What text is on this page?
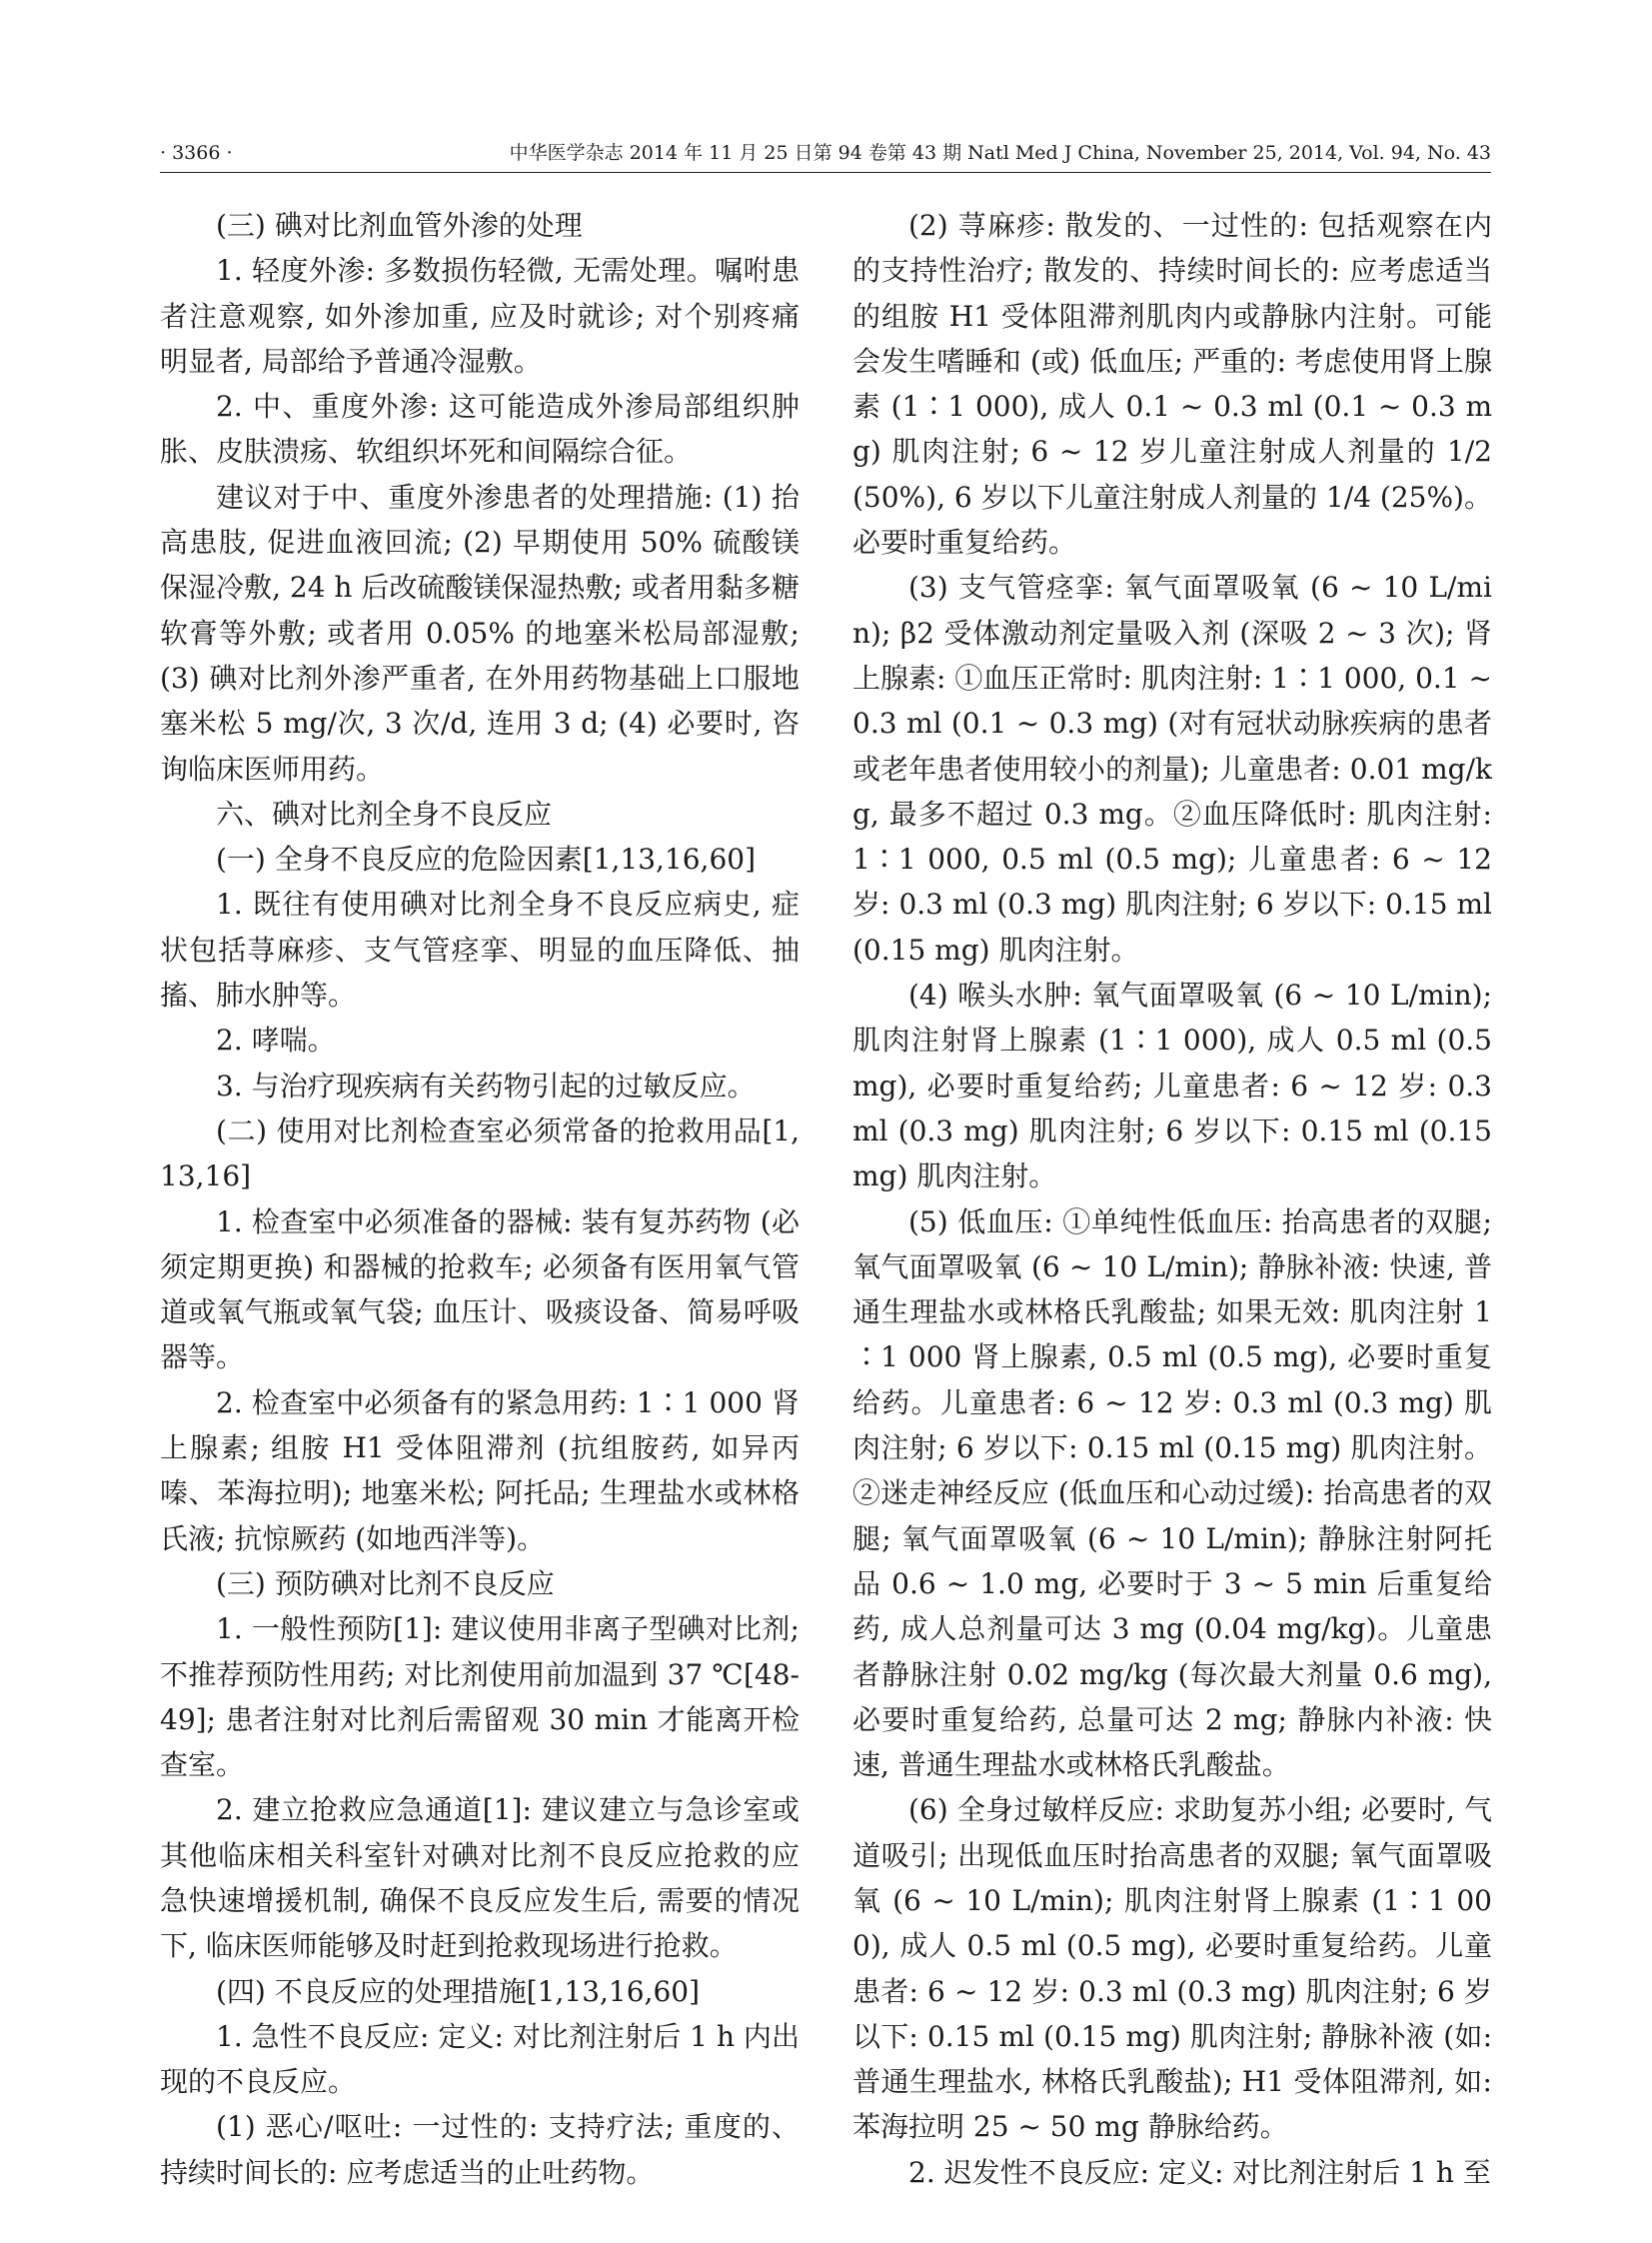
· 3366 ·	中华医学杂志 2014 年 11 月 25 日第 94 卷第 43 期 Natl Med J China, November 25, 2014, Vol. 94, No. 43

(三) 碘对比剂血管外渗的处理

1. 轻度外渗: 多数损伤轻微, 无需处理。嘱咐患者注意观察, 如外渗加重, 应及时就诊; 对个别疼痛明显者, 局部给予普通冷湿敷。

2. 中、重度外渗: 这可能造成外渗局部组织肿胀、皮肤溃疡、软组织坏死和间隔综合征。

建议对于中、重度外渗患者的处理措施: (1) 抬高患肢, 促进血液回流; (2) 早期使用 50% 硫酸镁保湿冷敷, 24 h 后改硫酸镁保湿热敷; 或者用黏多糖软膏等外敷; 或者用 0.05% 的地塞米松局部湿敷; (3) 碘对比剂外渗严重者, 在外用药物基础上口服地塞米松 5 mg/次, 3 次/d, 连用 3 d; (4) 必要时, 咨询临床医师用药。

六、碘对比剂全身不良反应

(一) 全身不良反应的危险因素[1,13,16,60]

1. 既往有使用碘对比剂全身不良反应病史, 症状包括荨麻疹、支气管痉挛、明显的血压降低、抽搐、肺水肿等。

2. 哮喘。

3. 与治疗现疾病有关药物引起的过敏反应。

(二) 使用对比剂检查室必须常备的抢救用品[1,13,16]

1. 检查室中必须准备的器械: 装有复苏药物 (必须定期更换) 和器械的抢救车; 必须备有医用氧气管道或氧气瓶或氧气袋; 血压计、吸痰设备、简易呼吸器等。

2. 检查室中必须备有的紧急用药: 1∶1 000 肾上腺素; 组胺 H1 受体阻滞剂 (抗组胺药, 如异丙嗪、苯海拉明); 地塞米松; 阿托品; 生理盐水或林格氏液; 抗惊厥药 (如地西泮等)。

(三) 预防碘对比剂不良反应

1. 一般性预防[1]: 建议使用非离子型碘对比剂; 不推荐预防性用药; 对比剂使用前加温到 37 ℃[48-49]; 患者注射对比剂后需留观 30 min 才能离开检查室。

2. 建立抢救应急通道[1]: 建议建立与急诊室或其他临床相关科室针对碘对比剂不良反应抢救的应急快速增援机制, 确保不良反应发生后, 需要的情况下, 临床医师能够及时赶到抢救现场进行抢救。

(四) 不良反应的处理措施[1,13,16,60]

1. 急性不良反应: 定义: 对比剂注射后 1 h 内出现的不良反应。

(1) 恶心/呕吐: 一过性的: 支持疗法; 重度的、持续时间长的: 应考虑适当的止吐药物。

(2) 荨麻疹: 散发的、一过性的: 包括观察在内的支持性治疗; 散发的、持续时间长的: 应考虑适当的组胺 H1 受体阻滞剂肌肉内或静脉内注射。可能会发生嗜睡和 (或) 低血压; 严重的: 考虑使用肾上腺素 (1∶1 000), 成人 0.1 ~ 0.3 ml (0.1 ~ 0.3 mg) 肌肉注射; 6 ~ 12 岁儿童注射成人剂量的 1/2 (50%), 6 岁以下儿童注射成人剂量的 1/4 (25%)。必要时重复给药。

(3) 支气管痉挛: 氧气面罩吸氧 (6 ~ 10 L/min); β2 受体激动剂定量吸入剂 (深吸 2 ~ 3 次); 肾上腺素: ①血压正常时: 肌肉注射: 1∶1 000, 0.1 ~ 0.3 ml (0.1 ~ 0.3 mg) (对有冠状动脉疾病的患者或老年患者使用较小的剂量); 儿童患者: 0.01 mg/kg, 最多不超过 0.3 mg。②血压降低时: 肌肉注射: 1∶1 000, 0.5 ml (0.5 mg); 儿童患者: 6 ~ 12 岁: 0.3 ml (0.3 mg) 肌肉注射; 6 岁以下: 0.15 ml (0.15 mg) 肌肉注射。

(4) 喉头水肿: 氧气面罩吸氧 (6 ~ 10 L/min); 肌肉注射肾上腺素 (1∶1 000), 成人 0.5 ml (0.5 mg), 必要时重复给药; 儿童患者: 6 ~ 12 岁: 0.3 ml (0.3 mg) 肌肉注射; 6 岁以下: 0.15 ml (0.15 mg) 肌肉注射。

(5) 低血压: ①单纯性低血压: 抬高患者的双腿; 氧气面罩吸氧 (6 ~ 10 L/min); 静脉补液: 快速, 普通生理盐水或林格氏乳酸盐; 如果无效: 肌肉注射 1∶1 000 肾上腺素, 0.5 ml (0.5 mg), 必要时重复给药。儿童患者: 6 ~ 12 岁: 0.3 ml (0.3 mg) 肌肉注射; 6 岁以下: 0.15 ml (0.15 mg) 肌肉注射。②迷走神经反应 (低血压和心动过缓): 抬高患者的双腿; 氧气面罩吸氧 (6 ~ 10 L/min); 静脉注射阿托品 0.6 ~ 1.0 mg, 必要时于 3 ~ 5 min 后重复给药, 成人总剂量可达 3 mg (0.04 mg/kg)。儿童患者静脉注射 0.02 mg/kg (每次最大剂量 0.6 mg), 必要时重复给药, 总量可达 2 mg; 静脉内补液: 快速, 普通生理盐水或林格氏乳酸盐。

(6) 全身过敏样反应: 求助复苏小组; 必要时, 气道吸引; 出现低血压时抬高患者的双腿; 氧气面罩吸氧 (6 ~ 10 L/min); 肌肉注射肾上腺素 (1∶1 000), 成人 0.5 ml (0.5 mg), 必要时重复给药。儿童患者: 6 ~ 12 岁: 0.3 ml (0.3 mg) 肌肉注射; 6 岁以下: 0.15 ml (0.15 mg) 肌肉注射; 静脉补液 (如: 普通生理盐水, 林格氏乳酸盐); H1 受体阻滞剂, 如: 苯海拉明 25 ~ 50 mg 静脉给药。

2. 迟发性不良反应: 定义: 对比剂注射后 1 h 至
